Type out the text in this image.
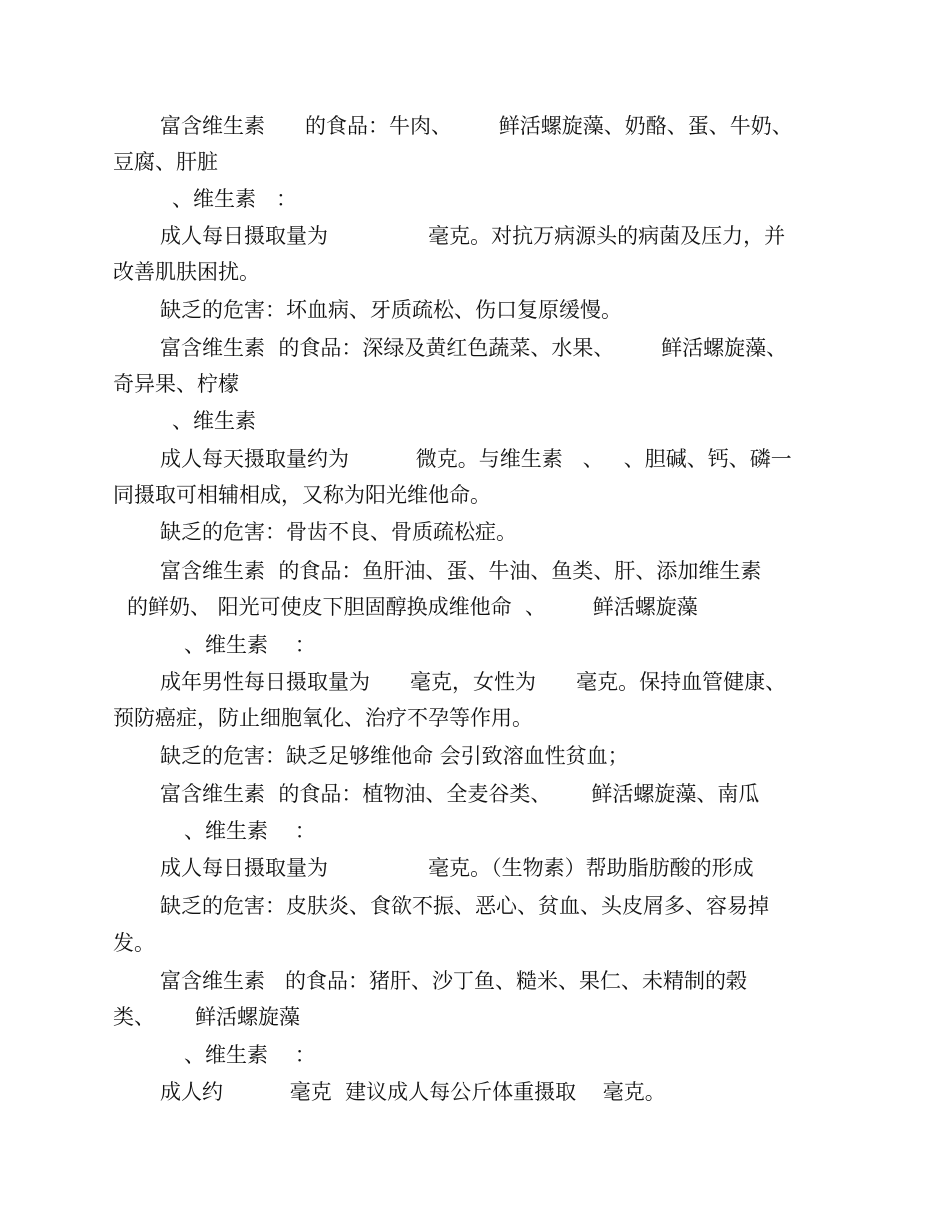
富含维生素      的食品：牛肉、       鲜活螺旋藻、奶酪、蛋、牛奶、

豆腐、肝脏

、维生素   ：

成人每日摄取量为               毫克。对抗万病源头的病菌及压力，并

改善肌肤困扰。

缺乏的危害：坏血病、牙质疏松、伤口复原缓慢。

富含维生素  的食品：深绿及黄红色蔬菜、水果、       鲜活螺旋藻、

奇异果、柠檬

、维生素

成人每天摄取量约为          微克。与维生素   、   、胆碱、钙、磷一

同摄取可相辅相成，又称为阳光维他命。

缺乏的危害：骨齿不良、骨质疏松症。

富含维生素  的食品：鱼肝油、蛋、牛油、鱼类、肝、添加维生素

的鲜奶、 阳光可使皮下胆固醇换成维他命  、       鲜活螺旋藻

、维生素    ：

成年男性每日摄取量为      毫克，女性为      毫克。保持血管健康、

预防癌症，防止细胞氧化、治疗不孕等作用。

缺乏的危害：缺乏足够维他命 会引致溶血性贫血；

富含维生素  的食品：植物油、全麦谷类、      鲜活螺旋藻、南瓜

、维生素    ：

成人每日摄取量为               毫克。（生物素）帮助脂肪酸的形成

缺乏的危害：皮肤炎、食欲不振、恶心、贫血、头皮屑多、容易掉

发。

富含维生素   的食品：猪肝、沙丁鱼、糙米、果仁、未精制的榖

类、      鲜活螺旋藻

、维生素    ：

成人约          毫克  建议成人每公斤体重摄取    毫克。
